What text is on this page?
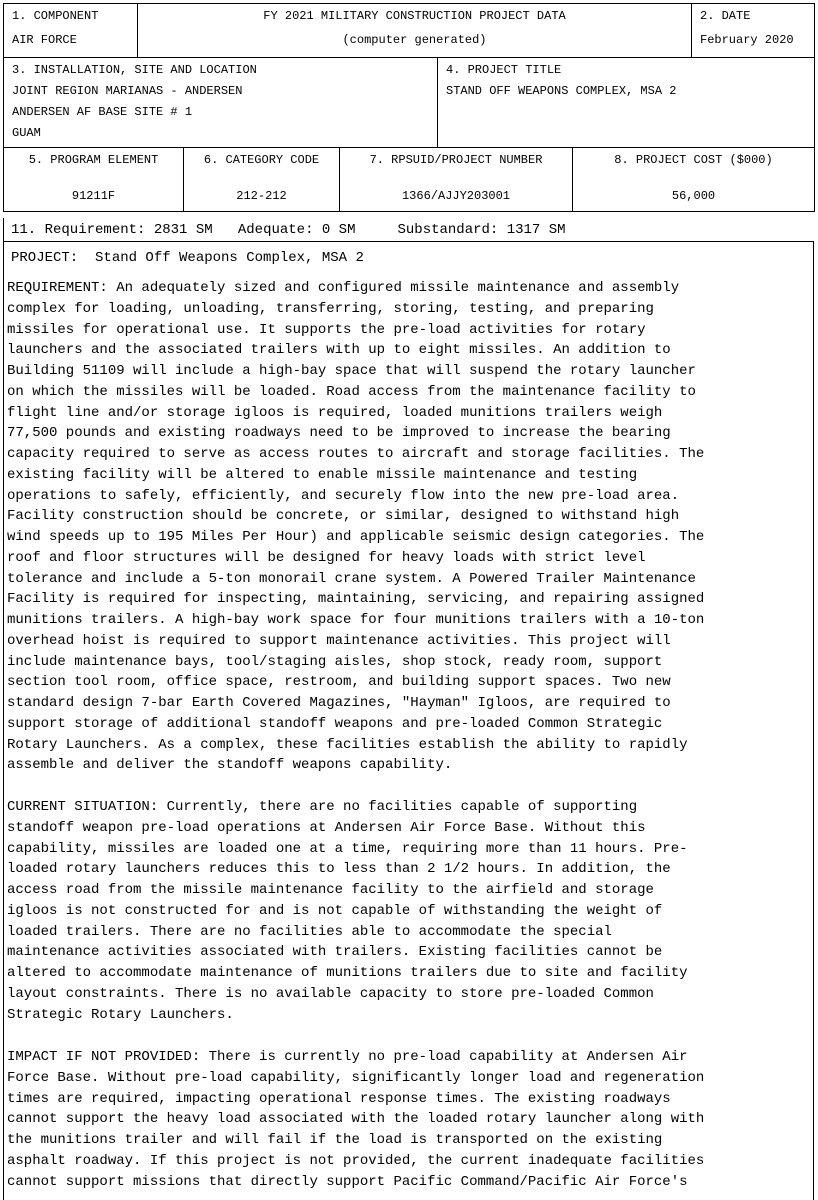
1. COMPONENT
AIR FORCE

FY 2021 MILITARY CONSTRUCTION PROJECT DATA
(computer generated)

2. DATE
February 2020
3. INSTALLATION, SITE AND LOCATION
JOINT REGION MARIANAS - ANDERSEN
ANDERSEN AF BASE SITE # 1
GUAM

4. PROJECT TITLE
STAND OFF WEAPONS COMPLEX, MSA 2
5. PROGRAM ELEMENT
91211F

6. CATEGORY CODE
212-212

7. RPSUID/PROJECT NUMBER
1366/AJJY203001

8. PROJECT COST ($000)
56,000
11. Requirement: 2831 SM Adequate: 0 SM	Substandard: 1317 SM
PROJECT:  Stand Off Weapons Complex, MSA 2
REQUIREMENT: An adequately sized and configured missile maintenance and assembly
complex for loading, unloading, transferring, storing, testing, and preparing
missiles for operational use. It supports the pre-load activities for rotary
launchers and the associated trailers with up to eight missiles. An addition to
Building 51109 will include a high-bay space that will suspend the rotary launcher
on which the missiles will be loaded. Road access from the maintenance facility to
flight line and/or storage igloos is required, loaded munitions trailers weigh
77,500 pounds and existing roadways need to be improved to increase the bearing
capacity required to serve as access routes to aircraft and storage facilities. The
existing facility will be altered to enable missile maintenance and testing
operations to safely, efficiently, and securely flow into the new pre-load area.
Facility construction should be concrete, or similar, designed to withstand high
wind speeds up to 195 Miles Per Hour) and applicable seismic design categories. The
roof and floor structures will be designed for heavy loads with strict level
tolerance and include a 5-ton monorail crane system. A Powered Trailer Maintenance
Facility is required for inspecting, maintaining, servicing, and repairing assigned
munitions trailers. A high-bay work space for four munitions trailers with a 10-ton
overhead hoist is required to support maintenance activities. This project will
include maintenance bays, tool/staging aisles, shop stock, ready room, support
section tool room, office space, restroom, and building support spaces. Two new
standard design 7-bar Earth Covered Magazines, "Hayman" Igloos, are required to
support storage of additional standoff weapons and pre-loaded Common Strategic
Rotary Launchers. As a complex, these facilities establish the ability to rapidly
assemble and deliver the standoff weapons capability.
CURRENT SITUATION: Currently, there are no facilities capable of supporting
standoff weapon pre-load operations at Andersen Air Force Base. Without this
capability, missiles are loaded one at a time, requiring more than 11 hours. Pre-
loaded rotary launchers reduces this to less than 2 1/2 hours. In addition, the
access road from the missile maintenance facility to the airfield and storage
igloos is not constructed for and is not capable of withstanding the weight of
loaded trailers. There are no facilities able to accommodate the special
maintenance activities associated with trailers. Existing facilities cannot be
altered to accommodate maintenance of munitions trailers due to site and facility
layout constraints. There is no available capacity to store pre-loaded Common
Strategic Rotary Launchers.
IMPACT IF NOT PROVIDED: There is currently no pre-load capability at Andersen Air
Force Base. Without pre-load capability, significantly longer load and regeneration
times are required, impacting operational response times. The existing roadways
cannot support the heavy load associated with the loaded rotary launcher along with
the munitions trailer and will fail if the load is transported on the existing
asphalt roadway. If this project is not provided, the current inadequate facilities
cannot support missions that directly support Pacific Command/Pacific Air Force's
